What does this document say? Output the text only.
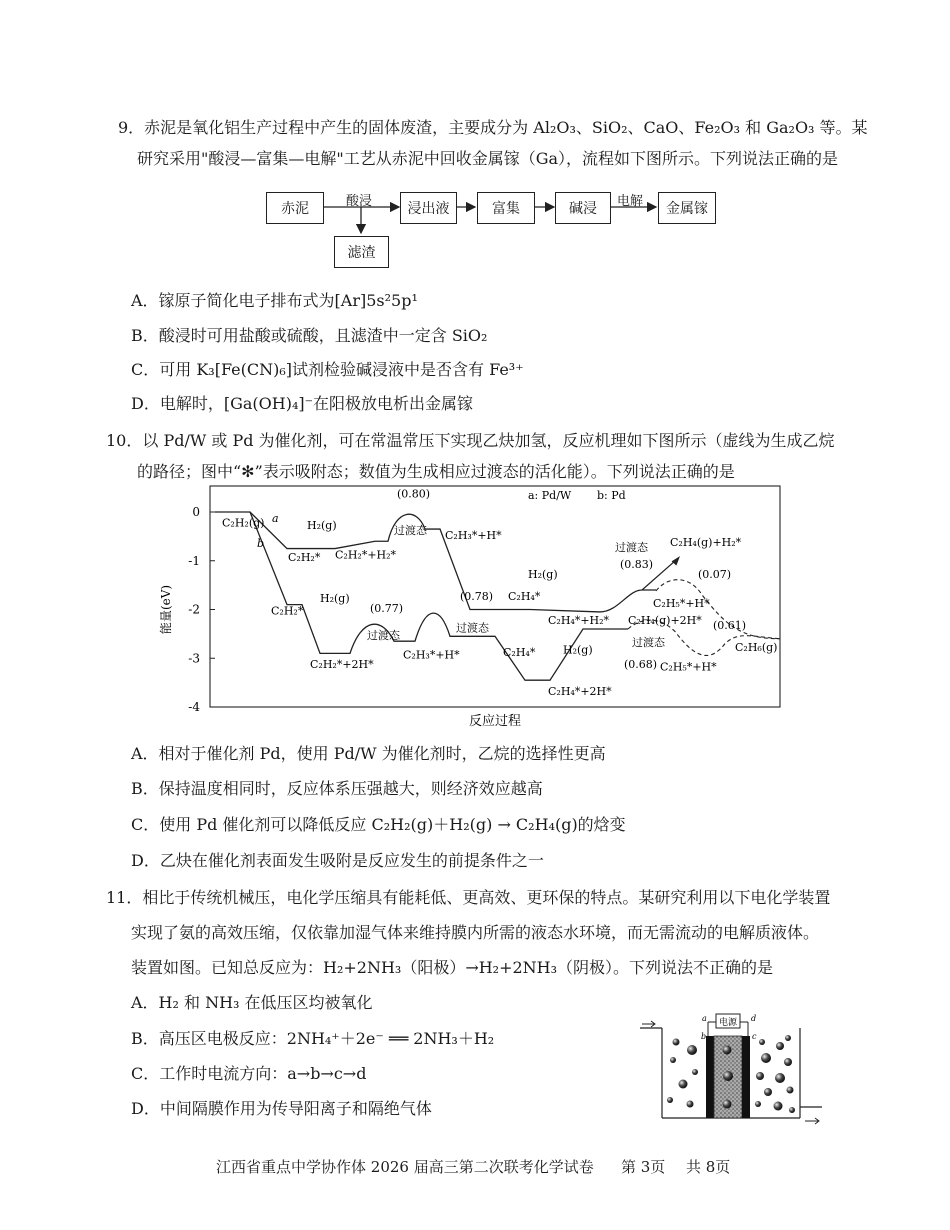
9．赤泥是氧化铝生产过程中产生的固体废渣，主要成分为 Al₂O₃、SiO₂、CaO、Fe₂O₃ 和 Ga₂O₃ 等。某
研究采用"酸浸—富集—电解"工艺从赤泥中回收金属镓（Ga），流程如下图所示。下列说法正确的是
赤泥	酸浸	浸出液	富集	碱浸	电解	金属镓
滤渣
A．镓原子简化电子排布式为[Ar]5s²5p¹
B．酸浸时可用盐酸或硫酸，且滤渣中一定含 SiO₂
C．可用 K₃[Fe(CN)₆]试剂检验碱浸液中是否含有 Fe³⁺
D．电解时，[Ga(OH)₄]⁻在阳极放电析出金属镓
10．以 Pd/W 或 Pd 为催化剂，可在常温常压下实现乙炔加氢，反应机理如下图所示（虚线为生成乙烷
的路径；图中“✻”表示吸附态；数值为生成相应过渡态的活化能）。下列说法正确的是
0
-1
-2
-3
-4
能量(eV)
反应过程
a: Pd/W b: Pd
C₂H₂(g)
C₂H₂*
H₂(g)
C₂H₂*+H₂*
过渡态
(0.80)
C₂H₃*+H*
H₂(g)
C₂H₄*
C₂H₄*+H₂*
过渡态
(0.83)
C₂H₄(g)+H₂*
(0.07)
C₂H₅*+H*
C₂H₂*
H₂(g)
C₂H₂*+2H*
过渡态
(0.77)
C₂H₃*+H*
(0.78)
过渡态
C₂H₄*	H₂(g)
C₂H₄*+2H*
过渡态
C₂H₄(g)+2H*
(0.68) C₂H₅*+H*
(0.61)
C₂H₆(g)
a
b
A．相对于催化剂 Pd，使用 Pd/W 为催化剂时，乙烷的选择性更高
B．保持温度相同时，反应体系压强越大，则经济效应越高
C．使用 Pd 催化剂可以降低反应 C₂H₂(g)＋H₂(g) → C₂H₄(g)的焓变
D．乙炔在催化剂表面发生吸附是反应发生的前提条件之一
11．相比于传统机械压，电化学压缩具有能耗低、更高效、更环保的特点。某研究利用以下电化学装置
实现了氨的高效压缩，仅依靠加湿气体来维持膜内所需的液态水环境，而无需流动的电解质液体。
装置如图。已知总反应为：H₂+2NH₃（阳极）→H₂+2NH₃（阴极）。下列说法不正确的是
A．H₂ 和 NH₃ 在低压区均被氧化
B．高压区电极反应：2NH₄⁺＋2e⁻ ══ 2NH₃＋H₂
C．工作时电流方向：a→b→c→d
D．中间隔膜作用为传导阳离子和隔绝气体
电源
a	d
b	c
江西省重点中学协作体 2026 届高三第二次联考化学试卷 第 3页 共 8页
